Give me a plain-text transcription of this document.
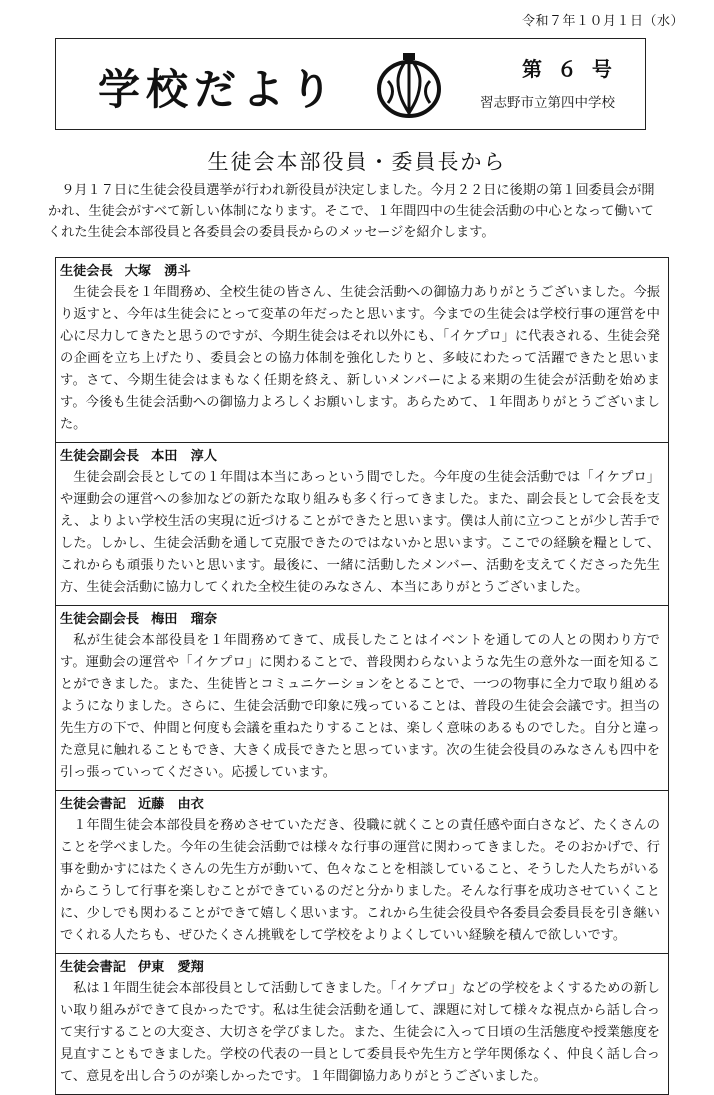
令和７年１０月１日（水）
学校だより	第 ６ 号
習志野市立第四中学校
生徒会本部役員・委員長から

９月１７日に生徒会役員選挙が行われ新役員が決定しました。今月２２日に後期の第１回委員会が開かれ、生徒会がすべて新しい体制になります。そこで、１年間四中の生徒会活動の中心となって働いてくれた生徒会本部役員と各委員会の委員長からのメッセージを紹介します。

生徒会長 大塚　湧斗

生徒会長を１年間務め、全校生徒の皆さん、生徒会活動への御協力ありがとうございました。今振り返すと、今年は生徒会にとって変革の年だったと思います。今までの生徒会は学校行事の運営を中心に尽力してきたと思うのですが、今期生徒会はそれ以外にも、「イケプロ」に代表される、生徒会発の企画を立ち上げたり、委員会との協力体制を強化したりと、多岐にわたって活躍できたと思います。さて、今期生徒会はまもなく任期を終え、新しいメンバーによる来期の生徒会が活動を始めます。今後も生徒会活動への御協力よろしくお願いします。あらためて、１年間ありがとうございました。

生徒会副会長 本田　淳人

生徒会副会長としての１年間は本当にあっという間でした。今年度の生徒会活動では「イケプロ」や運動会の運営への参加などの新たな取り組みも多く行ってきました。また、副会長として会長を支え、よりよい学校生活の実現に近づけることができたと思います。僕は人前に立つことが少し苦手でした。しかし、生徒会活動を通して克服できたのではないかと思います。ここでの経験を糧として、これからも頑張りたいと思います。最後に、一緒に活動したメンバー、活動を支えてくださった先生方、生徒会活動に協力してくれた全校生徒のみなさん、本当にありがとうございました。

生徒会副会長 梅田　瑠奈

私が生徒会本部役員を１年間務めてきて、成長したことはイベントを通しての人との関わり方です。運動会の運営や「イケプロ」に関わることで、普段関わらないような先生の意外な一面を知ることができました。また、生徒皆とコミュニケーションをとることで、一つの物事に全力で取り組めるようになりました。さらに、生徒会活動で印象に残っていることは、普段の生徒会会議です。担当の先生方の下で、仲間と何度も会議を重ねたりすることは、楽しく意味のあるものでした。自分と違った意見に触れることもでき、大きく成長できたと思っています。次の生徒会役員のみなさんも四中を引っ張っていってください。応援しています。

生徒会書記 近藤　由衣

１年間生徒会本部役員を務めさせていただき、役職に就くことの責任感や面白さなど、たくさんのことを学べました。今年の生徒会活動では様々な行事の運営に関わってきました。そのおかげで、行事を動かすにはたくさんの先生方が動いて、色々なことを相談していること、そうした人たちがいるからこうして行事を楽しむことができているのだと分かりました。そんな行事を成功させていくことに、少しでも関わることができて嬉しく思います。これから生徒会役員や各委員会委員長を引き継いでくれる人たちも、ぜひたくさん挑戦をして学校をよりよくしていい経験を積んで欲しいです。

生徒会書記 伊東　愛翔

私は１年間生徒会本部役員として活動してきました。「イケプロ」などの学校をよくするための新しい取り組みができて良かったです。私は生徒会活動を通して、課題に対して様々な視点から話し合って実行することの大変さ、大切さを学びました。また、生徒会に入って日頃の生活態度や授業態度を見直すこともできました。学校の代表の一員として委員長や先生方と学年関係なく、仲良く話し合って、意見を出し合うのが楽しかったです。１年間御協力ありがとうございました。
